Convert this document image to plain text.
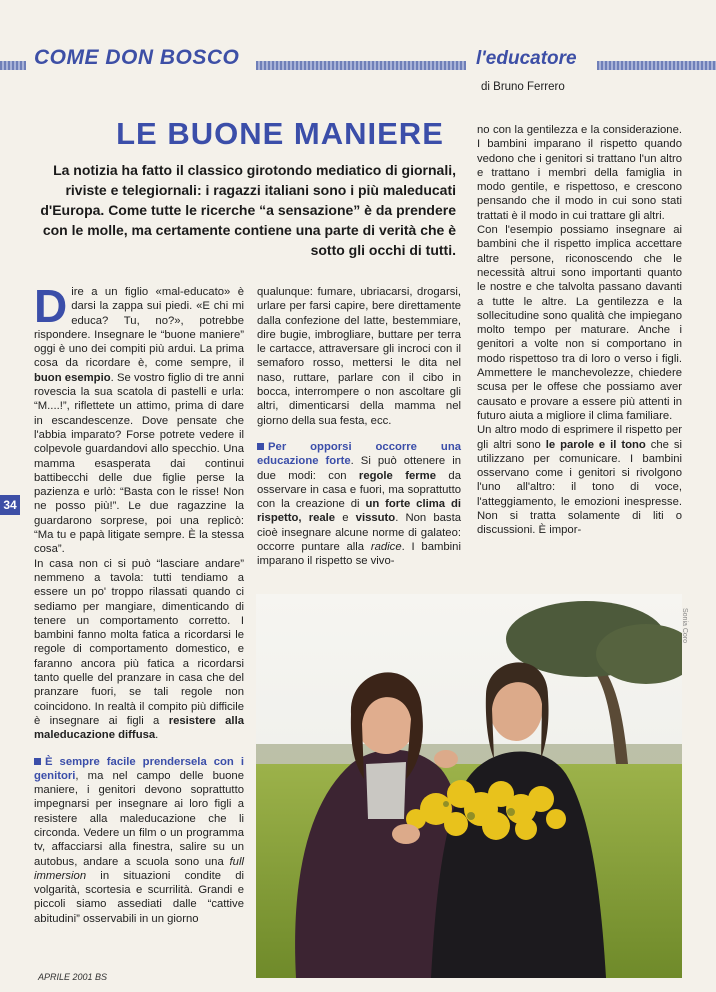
COME DON BOSCO	l'educatore
di Bruno Ferrero
LE BUONE MANIERE
La notizia ha fatto il classico girotondo mediatico di giornali, riviste e telegiornali: i ragazzi italiani sono i più maleducati d'Europa. Come tutte le ricerche “a sensazione” è da prendere con le molle, ma certamente contiene una parte di verità che è sotto gli occhi di tutti.

Dire a un figlio «mal-educato» è darsi la zappa sui piedi. «E chi mi educa? Tu, no?», potrebbe rispondere. Insegnare le “buone maniere” oggi è uno dei compiti più ardui. La prima cosa da ricordare è, come sempre, il buon esempio. Se vostro figlio di tre anni rovescia la sua scatola di pastelli e urla: “M....!”, riflettete un attimo, prima di dare in escandescenze. Dove pensate che l'abbia imparato? Forse potrete vedere il colpevole guardandovi allo specchio. Una mamma esasperata dai continui battibecchi delle due figlie perse la pazienza e urlò: “Basta con le risse! Non ne posso più!”. Le due ragazzine la guardarono sorprese, poi una replicò: “Ma tu e papà litigate sempre. È la stessa cosa”.

In casa non ci si può “lasciare andare” nemmeno a tavola: tutti tendiamo a essere un po' troppo rilassati quando ci sediamo per mangiare, dimenticando di tenere un comportamento corretto. I bambini fanno molta fatica a ricordarsi le regole di comportamento domestico, e faranno ancora più fatica a ricordarsi tanto quelle del pranzare in casa che del pranzare fuori, se tali regole non coincidono. In realtà il compito più difficile è insegnare ai figli a resistere alla maleducazione diffusa.

È sempre facile prendersela con i genitori, ma nel campo delle buone maniere, i genitori devono soprattutto impegnarsi per insegnare ai loro figli a resistere alla maleducazione che li circonda. Vedere un film o un programma tv, affacciarsi alla finestra, salire su un autobus, andare a scuola sono una full immersion in situazioni condite di volgarità, scortesia e scurrilità. Grandi e piccoli siamo assediati dalle “cattive abitudini” osservabili in un giorno

qualunque: fumare, ubriacarsi, drogarsi, urlare per farsi capire, bere direttamente dalla confezione del latte, bestemmiare, dire bugie, imbrogliare, buttare per terra le cartacce, attraversare gli incroci con il semaforo rosso, mettersi le dita nel naso, ruttare, parlare con il cibo in bocca, interrompere o non ascoltare gli altri, dimenticarsi della mamma nel giorno della sua festa, ecc.

Per opporsi occorre una educazione forte. Si può ottenere in due modi: con regole ferme da osservare in casa e fuori, ma soprattutto con la creazione di un forte clima di rispetto, reale e vissuto. Non basta cioè insegnare alcune norme di galateo: occorre puntare alla radice. I bambini imparano il rispetto se vivo-

no con la gentilezza e la considerazione. I bambini imparano il rispetto quando vedono che i genitori si trattano l'un altro e trattano i membri della famiglia in modo gentile, e rispettoso, e crescono pensando che il modo in cui sono stati trattati è il modo in cui trattare gli altri.

Con l'esempio possiamo insegnare ai bambini che il rispetto implica accettare altre persone, riconoscendo che le necessità altrui sono importanti quanto le nostre e che talvolta passano davanti a tutte le altre. La gentilezza e la sollecitudine sono qualità che impiegano molto tempo per maturare. Anche i genitori a volte non si comportano in modo rispettoso tra di loro o verso i figli. Ammettere le manchevolezze, chiedere scusa per le offese che possiamo aver causato e provare a essere più attenti in futuro aiuta a migliore il clima familiare.

Un altro modo di esprimere il rispetto per gli altri sono le parole e il tono che si utilizzano per comunicare. I bambini osservano come i genitori si rivolgono l'uno all'altro: il tono di voce, l'atteggiamento, le emozioni inespresse. Non si tratta solamente di liti o discussioni. È impor-

34
Sonia Coro
APRILE 2001 BS
